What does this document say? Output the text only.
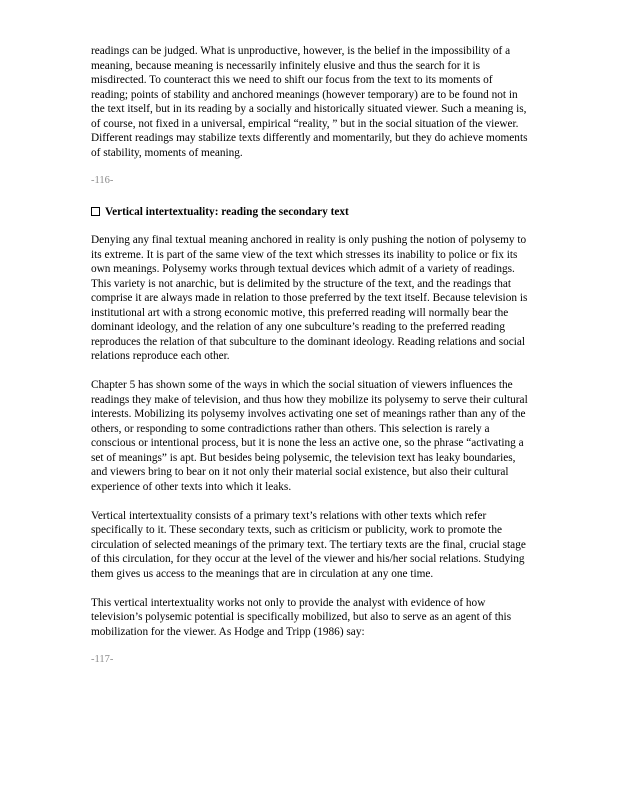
readings can be judged. What is unproductive, however, is the belief in the impossibility of a meaning, because meaning is necessarily infinitely elusive and thus the search for it is misdirected. To counteract this we need to shift our focus from the text to its moments of reading; points of stability and anchored meanings (however temporary) are to be found not in the text itself, but in its reading by a socially and historically situated viewer. Such a meaning is, of course, not fixed in a universal, empirical “reality, ” but in the social situation of the viewer. Different readings may stabilize texts differently and momentarily, but they do achieve moments of stability, moments of meaning.

-116-

Vertical intertextuality: reading the secondary text

Denying any final textual meaning anchored in reality is only pushing the notion of polysemy to its extreme. It is part of the same view of the text which stresses its inability to police or fix its own meanings. Polysemy works through textual devices which admit of a variety of readings. This variety is not anarchic, but is delimited by the structure of the text, and the readings that comprise it are always made in relation to those preferred by the text itself. Because television is institutional art with a strong economic motive, this preferred reading will normally bear the dominant ideology, and the relation of any one subculture’s reading to the preferred reading reproduces the relation of that subculture to the dominant ideology. Reading relations and social relations reproduce each other.

Chapter 5 has shown some of the ways in which the social situation of viewers influences the readings they make of television, and thus how they mobilize its polysemy to serve their cultural interests. Mobilizing its polysemy involves activating one set of meanings rather than any of the others, or responding to some contradictions rather than others. This selection is rarely a conscious or intentional process, but it is none the less an active one, so the phrase “activating a set of meanings” is apt. But besides being polysemic, the television text has leaky boundaries, and viewers bring to bear on it not only their material social existence, but also their cultural experience of other texts into which it leaks.

Vertical intertextuality consists of a primary text’s relations with other texts which refer specifically to it. These secondary texts, such as criticism or publicity, work to promote the circulation of selected meanings of the primary text. The tertiary texts are the final, crucial stage of this circulation, for they occur at the level of the viewer and his/her social relations. Studying them gives us access to the meanings that are in circulation at any one time.

This vertical intertextuality works not only to provide the analyst with evidence of how television’s polysemic potential is specifically mobilized, but also to serve as an agent of this mobilization for the viewer. As Hodge and Tripp (1986) say:

-117-
